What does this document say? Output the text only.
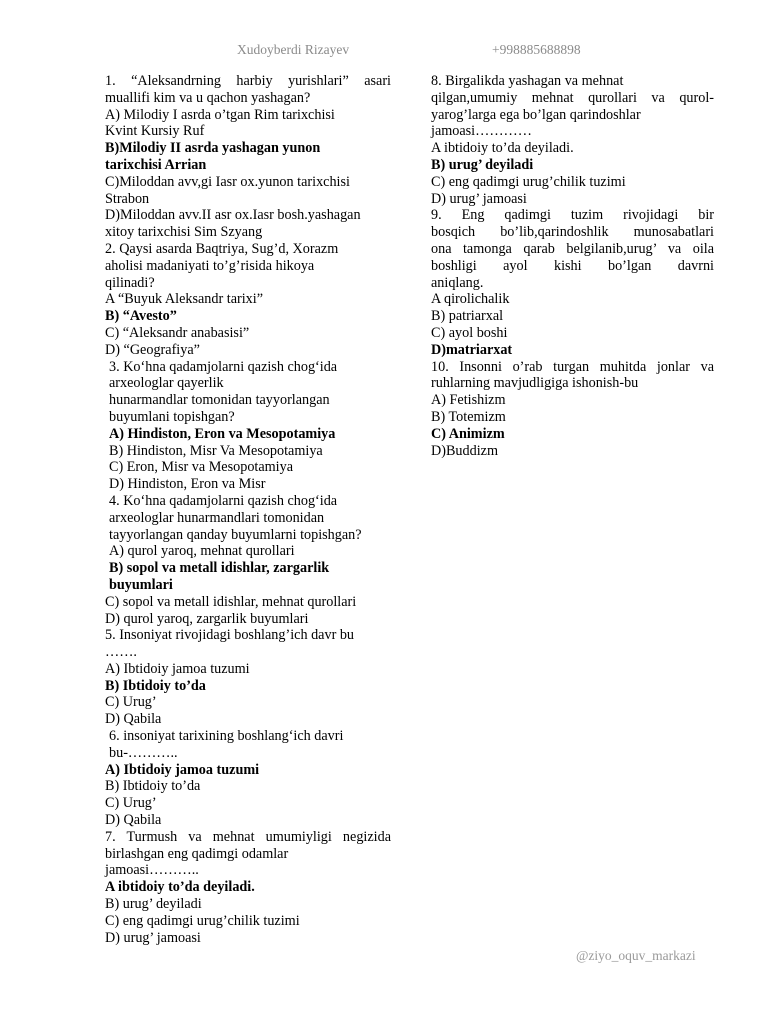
Xudoyberdi Rizayev	+998885688898
1. “Aleksandrning harbiy yurishlari” asari
muallifi kim va u qachon yashagan?
A) Milodiy I asrda o’tgan Rim tarixchisi
Kvint Kursiy Ruf
B)Milodiy II asrda yashagan yunon
tarixchisi Arrian
C)Miloddan avv,gi Iasr ox.yunon tarixchisi
Strabon
D)Miloddan avv.II asr ox.Iasr bosh.yashagan
xitoy tarixchisi Sim Szyang
2. Qaysi asarda Baqtriya, Sug’d, Xorazm
aholisi madaniyati to’g’risida hikoya
qilinadi?
A “Buyuk Aleksandr tarixi”
B) “Avesto”
C) “Aleksandr anabasisi”
D) “Geografiya”
3. Ko‘hna qadamjolarni qazish chog‘ida
arxeologlar qayerlik
hunarmandlar tomonidan tayyorlangan
buyumlani topishgan?
A) Hindiston, Eron va Mesopotamiya
B) Hindiston, Misr Va Mesopotamiya
C) Eron, Misr va Mesopotamiya
D) Hindiston, Eron va Misr
4. Ko‘hna qadamjolarni qazish chog‘ida
arxeologlar hunarmandlari tomonidan
tayyorlangan qanday buyumlarni topishgan?
A) qurol yaroq, mehnat qurollari
B) sopol va metall idishlar, zargarlik
buyumlari
C) sopol va metall idishlar, mehnat qurollari
D) qurol yaroq, zargarlik buyumlari
5. Insoniyat rivojidagi boshlang’ich davr bu
…….
A) Ibtidoiy jamoa tuzumi
B) Ibtidoiy to’da
C) Urug’
D) Qabila
6. insoniyat tarixining boshlang‘ich davri
bu-………..
A) Ibtidoiy jamoa tuzumi
B) Ibtidoiy to’da
C) Urug’
D) Qabila
7. Turmush va mehnat umumiyligi negizida
birlashgan eng qadimgi odamlar
jamoasi………..
A ibtidoiy to’da deyiladi.
B) urug’ deyiladi
C) eng qadimgi urug’chilik tuzimi
D) urug’ jamoasi
8. Birgalikda yashagan va mehnat
qilgan,umumiy mehnat qurollari va qurol-
yarog’larga ega bo’lgan qarindoshlar
jamoasi…………
A ibtidoiy to’da deyiladi.
B) urug’ deyiladi
C) eng qadimgi urug’chilik tuzimi
D) urug’ jamoasi
9. Eng qadimgi tuzim rivojidagi bir
bosqich bo’lib,qarindoshlik munosabatlari
ona tamonga qarab belgilanib,urug’ va oila
boshligi ayol kishi bo’lgan davrni
aniqlang.
A qirolichalik
B) patriarxal
C) ayol boshi
D)matriarxat
10. Insonni o’rab turgan muhitda jonlar va
ruhlarning mavjudligiga ishonish-bu
A) Fetishizm
B) Totemizm
C) Animizm
D)Buddizm
@ziyo_oquv_markazi
